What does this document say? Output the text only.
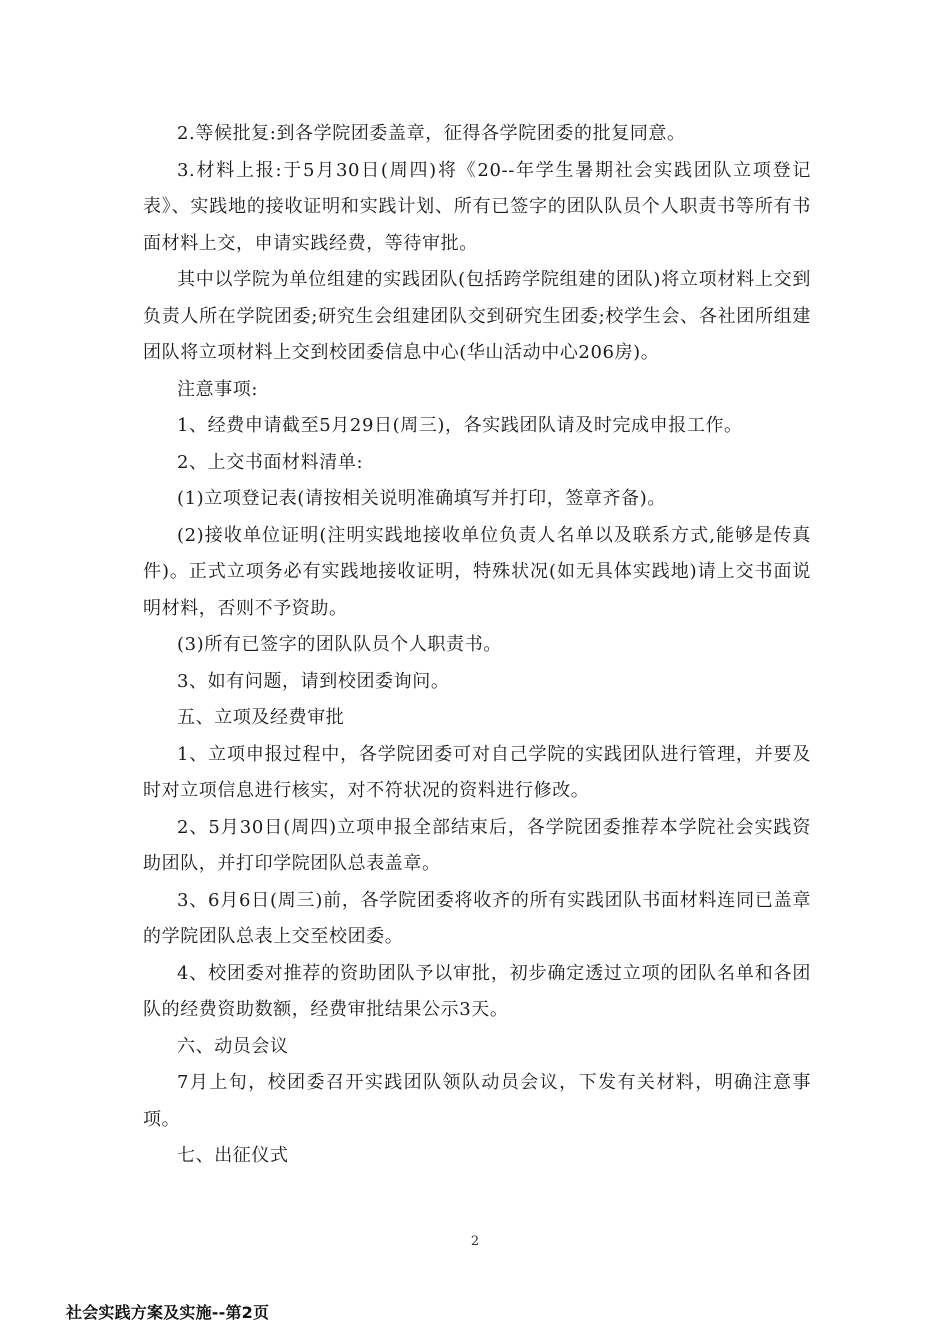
2.等候批复:到各学院团委盖章，征得各学院团委的批复同意。

3.材料上报:于5月30日(周四)将《20--年学生暑期社会实践团队立项登记表》、实践地的接收证明和实践计划、所有已签字的团队队员个人职责书等所有书面材料上交，申请实践经费，等待审批。

其中以学院为单位组建的实践团队(包括跨学院组建的团队)将立项材料上交到负责人所在学院团委;研究生会组建团队交到研究生团委;校学生会、各社团所组建团队将立项材料上交到校团委信息中心(华山活动中心206房)。

注意事项:

1、经费申请截至5月29日(周三)，各实践团队请及时完成申报工作。

2、上交书面材料清单:

(1)立项登记表(请按相关说明准确填写并打印，签章齐备)。

(2)接收单位证明(注明实践地接收单位负责人名单以及联系方式,能够是传真件)。正式立项务必有实践地接收证明，特殊状况(如无具体实践地)请上交书面说明材料，否则不予资助。

(3)所有已签字的团队队员个人职责书。

3、如有问题，请到校团委询问。

五、立项及经费审批

1、立项申报过程中，各学院团委可对自己学院的实践团队进行管理，并要及时对立项信息进行核实，对不符状况的资料进行修改。

2、5月30日(周四)立项申报全部结束后，各学院团委推荐本学院社会实践资助团队，并打印学院团队总表盖章。

3、6月6日(周三)前，各学院团委将收齐的所有实践团队书面材料连同已盖章的学院团队总表上交至校团委。

4、校团委对推荐的资助团队予以审批，初步确定透过立项的团队名单和各团队的经费资助数额，经费审批结果公示3天。

六、动员会议

7月上旬，校团委召开实践团队领队动员会议，下发有关材料，明确注意事项。

七、出征仪式

2
社会实践方案及实施--第2页
